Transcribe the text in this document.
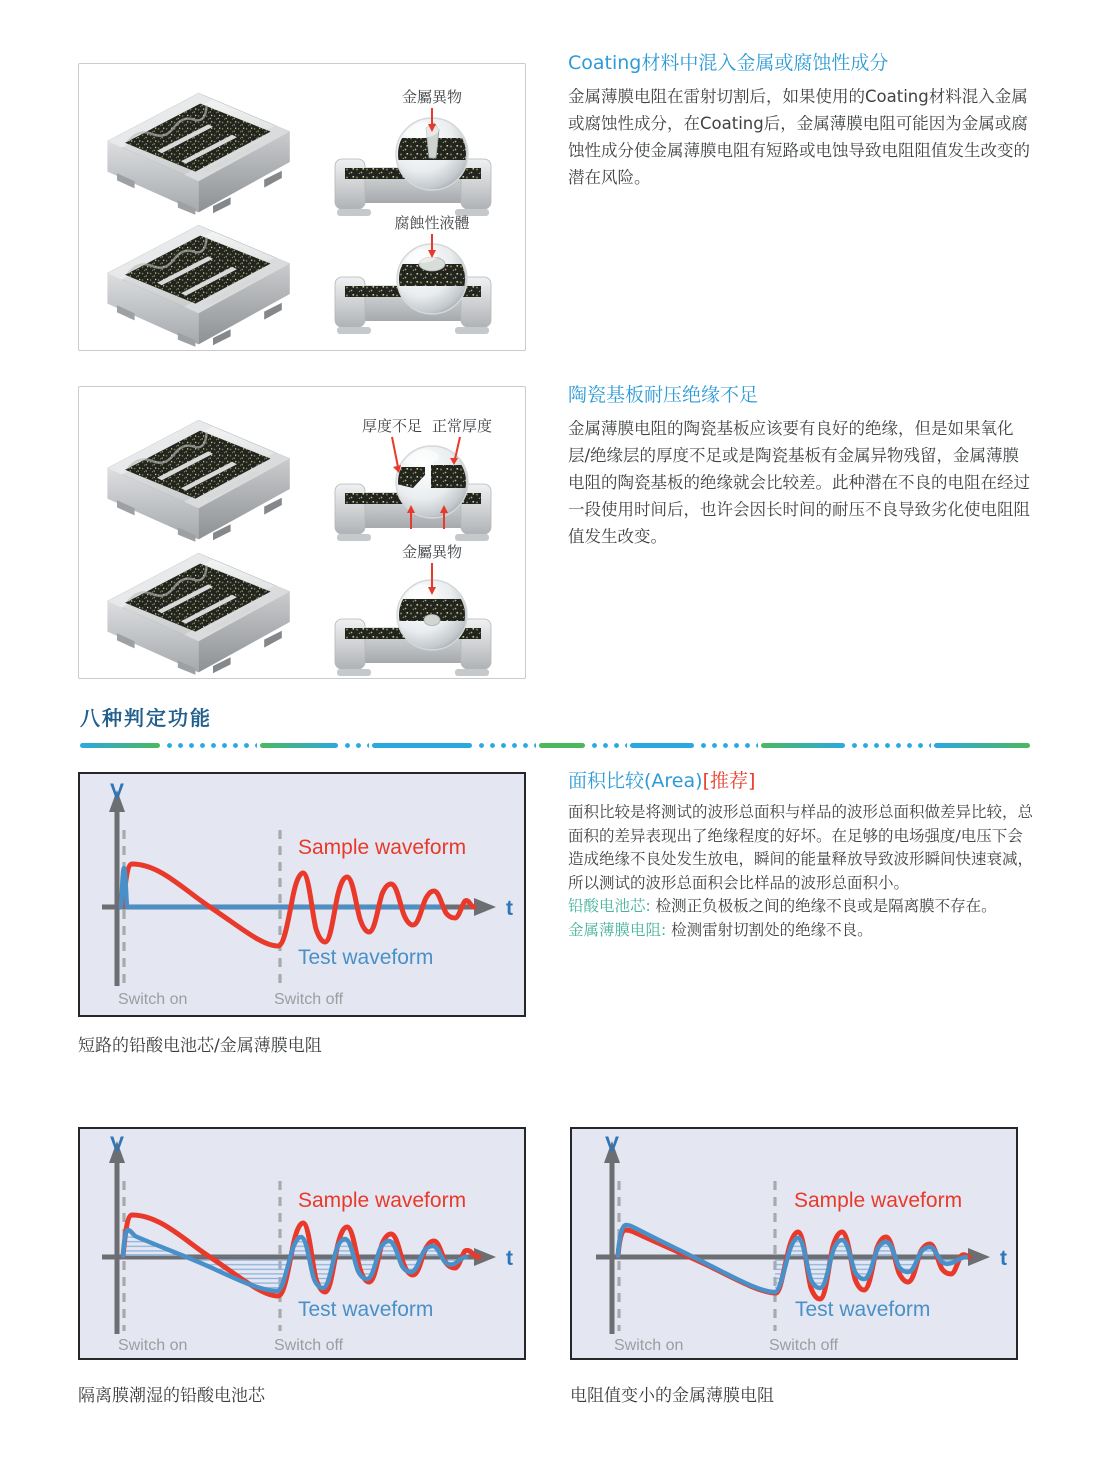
金屬異物
腐蝕性液體
Coating材料中混入金属或腐蚀性成分

金属薄膜电阻在雷射切割后，如果使用的Coating材料混入金属或腐蚀性成分，在Coating后，金属薄膜电阻可能因为金属或腐蚀性成分使金属薄膜电阻有短路或电蚀导致电阻阻值发生改变的潜在风险。

厚度不足 正常厚度
金屬異物
陶瓷基板耐压绝缘不足

金属薄膜电阻的陶瓷基板应该要有良好的绝缘，但是如果氧化层/绝缘层的厚度不足或是陶瓷基板有金属异物残留，金属薄膜电阻的陶瓷基板的绝缘就会比较差。此种潜在不良的电阻在经过一段使用时间后，也许会因长时间的耐压不良导致劣化使电阻阻值发生改变。

八种判定功能
V
t
Sample waveform
Test waveform
Switch on	Switch off
面积比较(Area)[推荐]

面积比较是将测试的波形总面积与样品的波形总面积做差异比较，总面积的差异表现出了绝缘程度的好坏。在足够的电场强度/电压下会造成绝缘不良处发生放电，瞬间的能量释放导致波形瞬间快速衰减，所以测试的波形总面积会比样品的波形总面积小。

铅酸电池芯: 检测正负极板之间的绝缘不良或是隔离膜不存在。
金属薄膜电阻: 检测雷射切割处的绝缘不良。
短路的铅酸电池芯/金属薄膜电阻
V
t
Sample waveform
Test waveform
Switch on	Switch off
V
t
Sample waveform
Test waveform
Switch on	Switch off
隔离膜潮湿的铅酸电池芯	电阻值变小的金属薄膜电阻
